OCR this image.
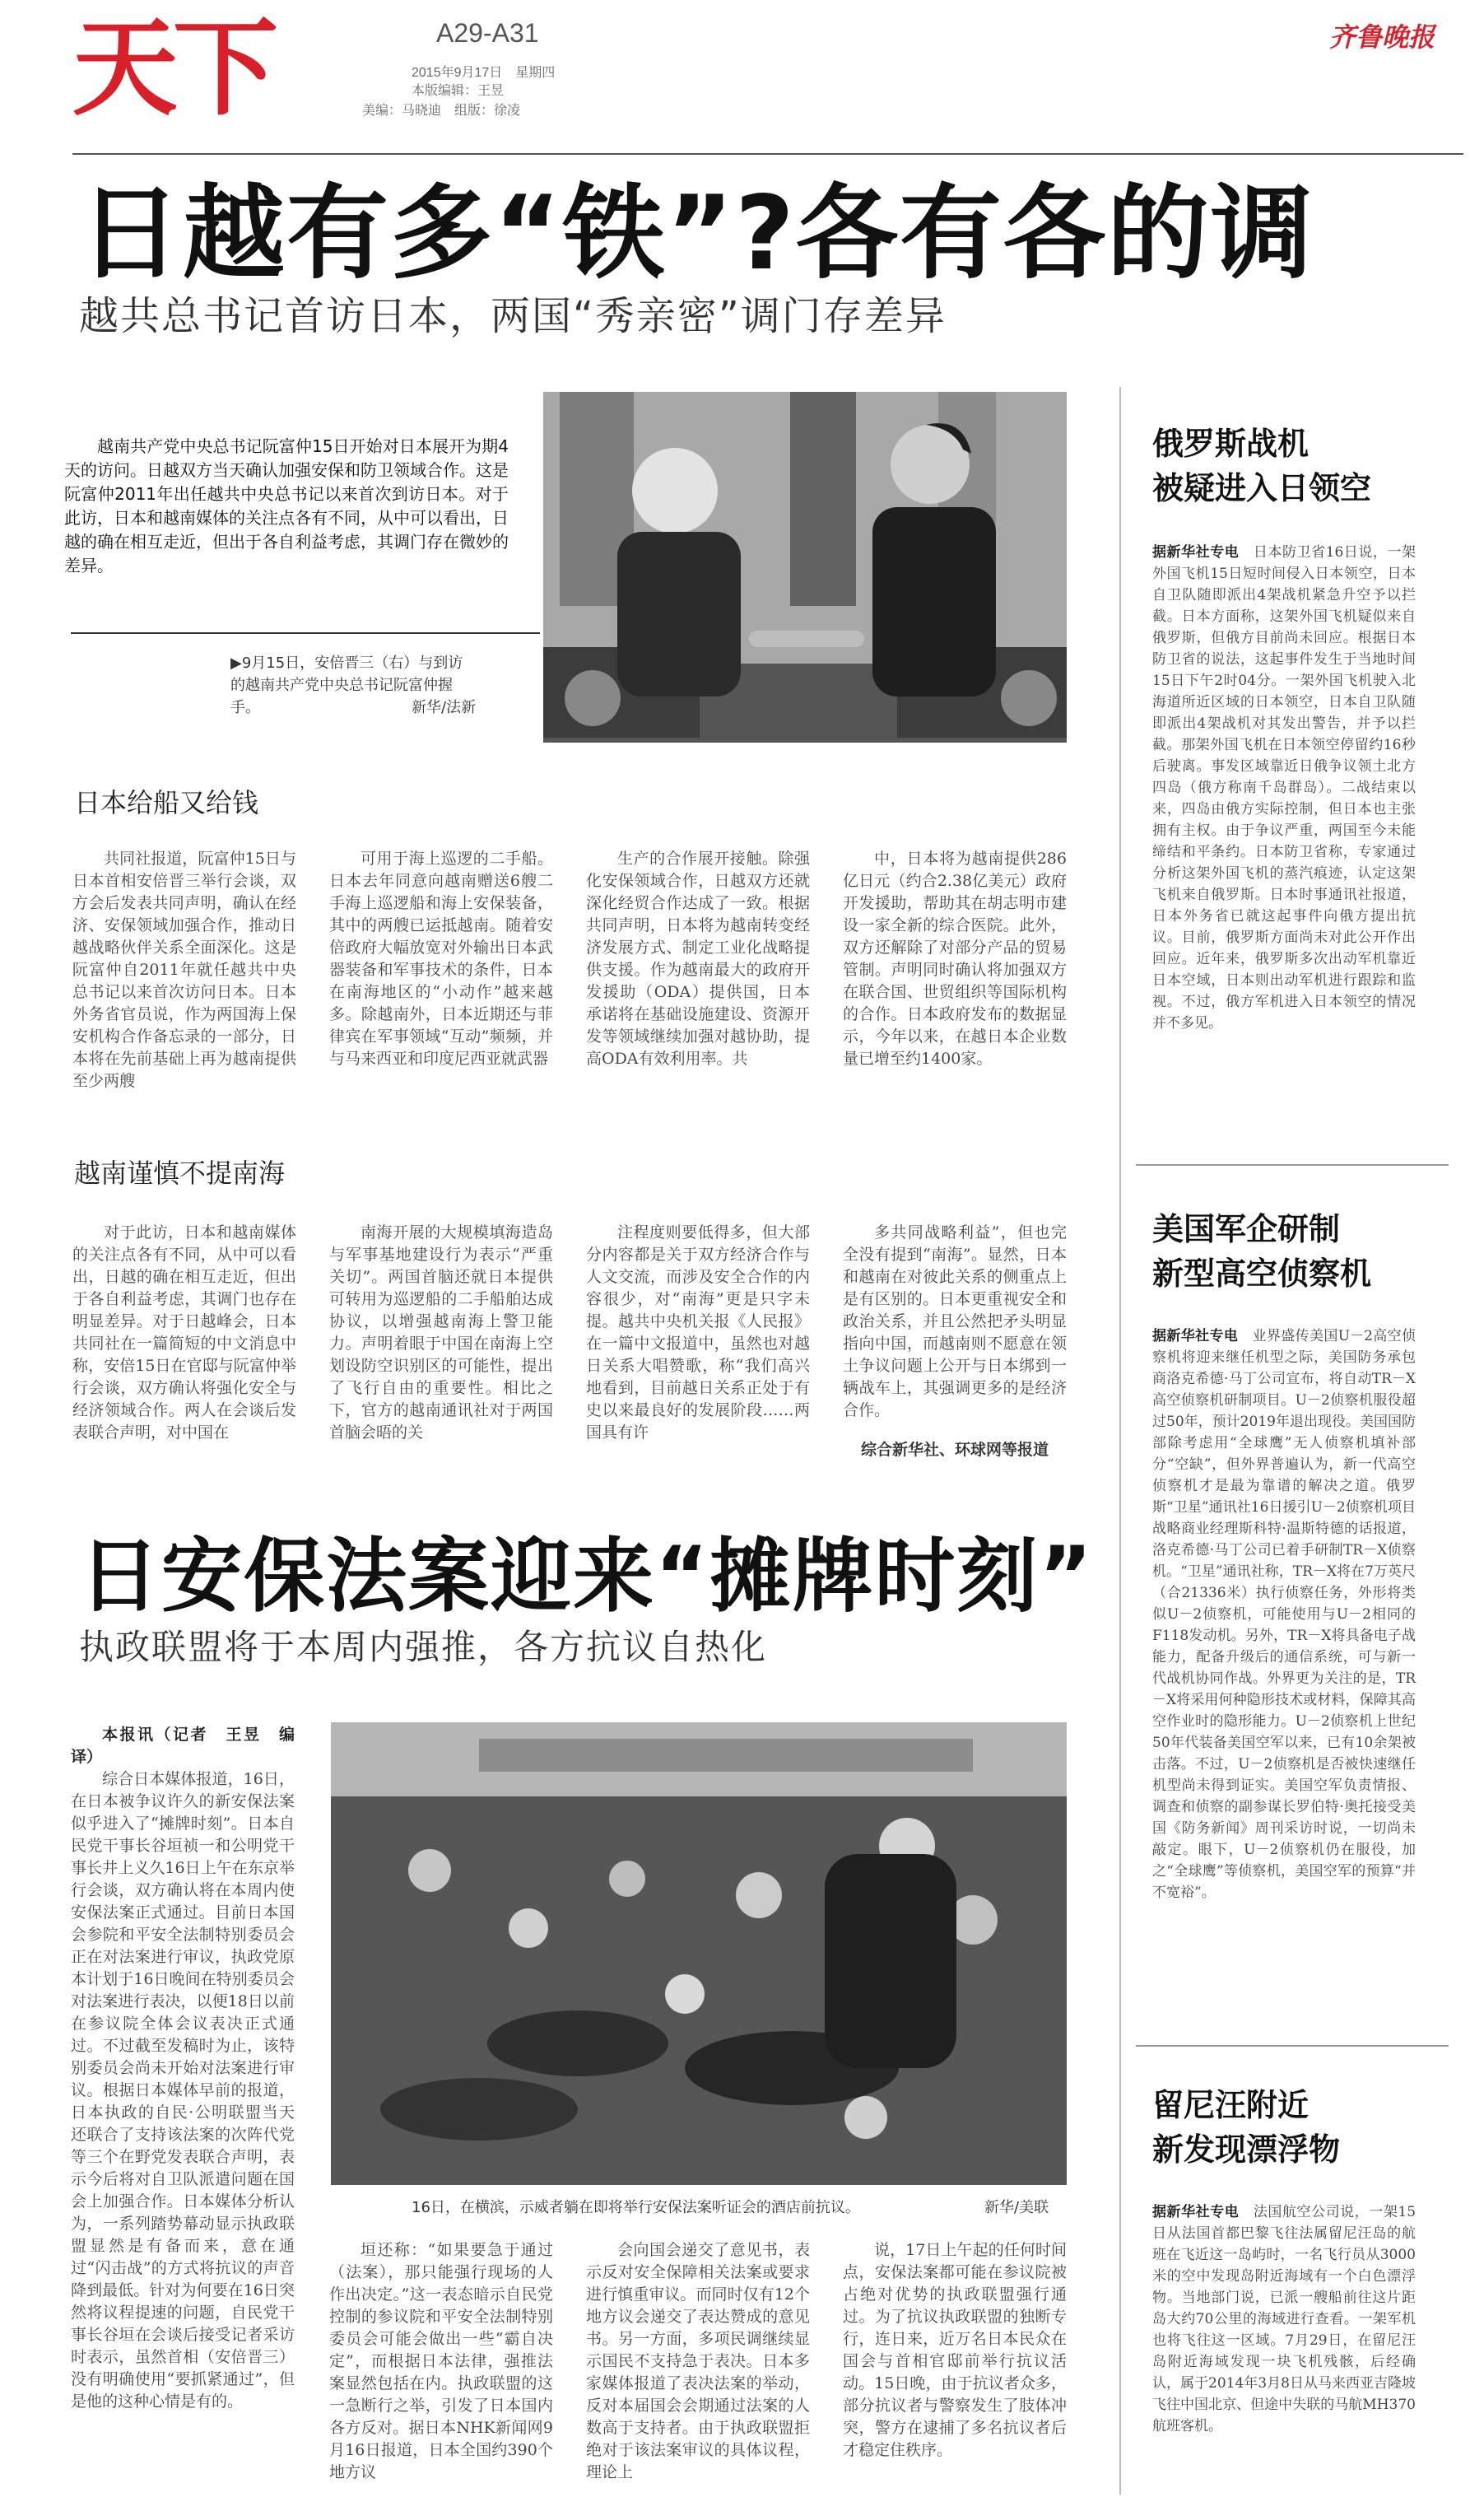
天下	A29-A31
2015年9月17日　星期四
本版编辑：王昱
美编：马晓迪　组版：徐凌
齐鲁晚报
日越有多“铁”?各有各的调
越共总书记首访日本，两国“秀亲密”调门存差异
越南共产党中央总书记阮富仲15日开始对日本展开为期4天的访问。日越双方当天确认加强安保和防卫领域合作。这是阮富仲2011年出任越共中央总书记以来首次到访日本。对于此访，日本和越南媒体的关注点各有不同，从中可以看出，日越的确在相互走近，但出于各自利益考虑，其调门存在微妙的差异。
▶9月15日，安倍晋三（右）与到访的越南共产党中央总书记阮富仲握手。	新华/法新
日本给船又给钱
共同社报道，阮富仲15日与日本首相安倍晋三举行会谈，双方会后发表共同声明，确认在经济、安保领域加强合作，推动日越战略伙伴关系全面深化。这是阮富仲自2011年就任越共中央总书记以来首次访问日本。日本外务省官员说，作为两国海上保安机构合作备忘录的一部分，日本将在先前基础上再为越南提供至少两艘
可用于海上巡逻的二手船。日本去年同意向越南赠送6艘二手海上巡逻船和海上安保装备，其中的两艘已运抵越南。随着安倍政府大幅放宽对外输出日本武器装备和军事技术的条件，日本在南海地区的“小动作”越来越多。除越南外，日本近期还与菲律宾在军事领域“互动”频频，并与马来西亚和印度尼西亚就武器
生产的合作展开接触。除强化安保领域合作，日越双方还就深化经贸合作达成了一致。根据共同声明，日本将为越南转变经济发展方式、制定工业化战略提供支援。作为越南最大的政府开发援助（ODA）提供国，日本承诺将在基础设施建设、资源开发等领域继续加强对越协助，提高ODA有效利用率。共
中，日本将为越南提供286亿日元（约合2.38亿美元）政府开发援助，帮助其在胡志明市建设一家全新的综合医院。此外，双方还解除了对部分产品的贸易管制。声明同时确认将加强双方在联合国、世贸组织等国际机构的合作。日本政府发布的数据显示，今年以来，在越日本企业数量已增至约1400家。
越南谨慎不提南海
对于此访，日本和越南媒体的关注点各有不同，从中可以看出，日越的确在相互走近，但出于各自利益考虑，其调门也存在明显差异。对于日越峰会，日本共同社在一篇简短的中文消息中称，安倍15日在官邸与阮富仲举行会谈，双方确认将强化安全与经济领域合作。两人在会谈后发表联合声明，对中国在
南海开展的大规模填海造岛与军事基地建设行为表示“严重关切”。两国首脑还就日本提供可转用为巡逻船的二手船舶达成协议，以增强越南海上警卫能力。声明着眼于中国在南海上空划设防空识别区的可能性，提出了飞行自由的重要性。相比之下，官方的越南通讯社对于两国首脑会晤的关
注程度则要低得多，但大部分内容都是关于双方经济合作与人文交流，而涉及安全合作的内容很少，对“南海”更是只字未提。越共中央机关报《人民报》在一篇中文报道中，虽然也对越日关系大唱赞歌，称“我们高兴地看到，目前越日关系正处于有史以来最良好的发展阶段……两国具有许
多共同战略利益”，但也完全没有提到“南海”。显然，日本和越南在对彼此关系的侧重点上是有区别的。日本更重视安全和政治关系，并且公然把矛头明显指向中国，而越南则不愿意在领土争议问题上公开与日本绑到一辆战车上，其强调更多的是经济合作。
综合新华社、环球网等报道
日安保法案迎来“摊牌时刻”
执政联盟将于本周内强推，各方抗议自热化
本报讯（记者　王昱　编译）
综合日本媒体报道，16日，在日本被争议许久的新安保法案似乎进入了“摊牌时刻”。日本自民党干事长谷垣祯一和公明党干事长井上义久16日上午在东京举行会谈，双方确认将在本周内使安保法案正式通过。目前日本国会参院和平安全法制特别委员会正在对法案进行审议，执政党原本计划于16日晚间在特别委员会对法案进行表决，以便18日以前在参议院全体会议表决正式通过。不过截至发稿时为止，该特别委员会尚未开始对法案进行审议。根据日本媒体早前的报道，日本执政的自民·公明联盟当天还联合了支持该法案的次阵代党等三个在野党发表联合声明，表示今后将对自卫队派遣问题在国会上加强合作。日本媒体分析认为，一系列踏势幕动显示执政联盟显然是有备而来，意在通过“闪击战”的方式将抗议的声音降到最低。针对为何要在16日突然将议程提速的问题，自民党干事长谷垣在会谈后接受记者采访时表示，虽然首相（安倍晋三）没有明确使用“要抓紧通过”，但是他的这种心情是有的。
16日，在横滨，示威者躺在即将举行安保法案听证会的酒店前抗议。	新华/美联
垣还称：“如果要急于通过（法案），那只能强行现场的人作出决定。”这一表态暗示自民党控制的参议院和平安全法制特别委员会可能会做出一些“霸自决定”，而根据日本法律，强推法案显然包括在内。执政联盟的这一急断行之举，引发了日本国内各方反对。据日本NHK新闻网9月16日报道，日本全国约390个地方议
会向国会递交了意见书，表示反对安全保障相关法案或要求进行慎重审议。而同时仅有12个地方议会递交了表达赞成的意见书。另一方面，多项民调继续显示国民不支持急于表决。日本多家媒体报道了表决法案的举动，反对本届国会会期通过法案的人数高于支持者。由于执政联盟拒绝对于该法案审议的具体议程，理论上
说，17日上午起的任何时间点，安保法案都可能在参议院被占绝对优势的执政联盟强行通过。为了抗议执政联盟的独断专行，连日来，近万名日本民众在国会与首相官邸前举行抗议活动。15日晚，由于抗议者众多，部分抗议者与警察发生了肢体冲突，警方在逮捕了多名抗议者后才稳定住秩序。
俄罗斯战机
被疑进入日领空
据新华社专电　 日本防卫省16日说，一架外国飞机15日短时间侵入日本领空，日本自卫队随即派出4架战机紧急升空予以拦截。日本方面称，这架外国飞机疑似来自俄罗斯，但俄方目前尚未回应。根据日本防卫省的说法，这起事件发生于当地时间15日下午2时04分。一架外国飞机驶入北海道所近区域的日本领空，日本自卫队随即派出4架战机对其发出警告，并予以拦截。那架外国飞机在日本领空停留约16秒后驶离。事发区域靠近日俄争议领土北方四岛（俄方称南千岛群岛）。二战结束以来，四岛由俄方实际控制，但日本也主张拥有主权。由于争议严重，两国至今未能缔结和平条约。日本防卫省称，专家通过分析这架外国飞机的蒸汽痕迹，认定这架飞机来自俄罗斯。日本时事通讯社报道，日本外务省已就这起事件向俄方提出抗议。目前，俄罗斯方面尚未对此公开作出回应。近年来，俄罗斯多次出动军机靠近日本空域，日本则出动军机进行跟踪和监视。不过，俄方军机进入日本领空的情况并不多见。
美国军企研制
新型高空侦察机
据新华社专电　 业界盛传美国U－2高空侦察机将迎来继任机型之际，美国防务承包商洛克希德·马丁公司宣布，将自动TR－X高空侦察机研制项目。U－2侦察机服役超过50年，预计2019年退出现役。美国国防部除考虑用“全球鹰”无人侦察机填补部分“空缺”，但外界普遍认为，新一代高空侦察机才是最为靠谱的解决之道。俄罗斯“卫星”通讯社16日援引U－2侦察机项目战略商业经理斯科特·温斯特德的话报道，洛克希德·马丁公司已着手研制TR－X侦察机。“卫星”通讯社称，TR－X将在7万英尺（合21336米）执行侦察任务，外形将类似U－2侦察机，可能使用与U－2相同的F118发动机。另外，TR－X将具备电子战能力，配备升级后的通信系统，可与新一代战机协同作战。外界更为关注的是，TR－X将采用何种隐形技术或材料，保障其高空作业时的隐形能力。U－2侦察机上世纪50年代装备美国空军以来，已有10余架被击落。不过，U－2侦察机是否被快速继任机型尚未得到证实。美国空军负责情报、调查和侦察的副参谋长罗伯特·奥托接受美国《防务新闻》周刊采访时说，一切尚未敲定。眼下，U－2侦察机仍在服役，加之“全球鹰”等侦察机，美国空军的预算“并不宽裕”。
留尼汪附近
新发现漂浮物
据新华社专电　 法国航空公司说，一架15日从法国首都巴黎飞往法属留尼汪岛的航班在飞近这一岛屿时，一名飞行员从3000米的空中发现岛附近海域有一个白色漂浮物。当地部门说，已派一艘船前往这片距岛大约70公里的海域进行查看。一架军机也将飞往这一区域。7月29日，在留尼汪岛附近海域发现一块飞机残骸，后经确认，属于2014年3月8日从马来西亚吉隆坡飞往中国北京、但途中失联的马航MH370航班客机。
